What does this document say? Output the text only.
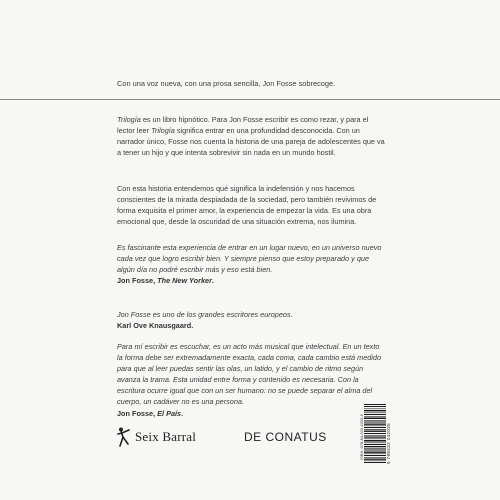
Con una voz nueva, con una prosa sencilla, Jon Fosse sobrecoge.

Trilogía es un libro hipnótico. Para Jon Fosse escribir es como rezar, y para el lector leer Trilogía significa entrar en una profundidad desconocida. Con un narrador único, Fosse nos cuenta la historia de una pareja de adolescentes que va a tener un hijo y que intenta sobrevivir sin nada en un mundo hostil.

Con esta historia entendemos qué significa la indefensión y nos hacemos conscientes de la mirada despiadada de la sociedad, pero también revivimos de forma exquisita el primer amor, la experiencia de empezar la vida. Es una obra emocional que, desde la oscuridad de una situación extrema, nos ilumina.

Es fascinante esta experiencia de entrar en un lugar nuevo, en un universo nuevo cada vez que logro escribir bien. Y siempre pienso que estoy preparado y que algún día no podré escribir más y eso está bien.

Jon Fosse, The New Yorker.

Jon Fosse es uno de los grandes escritores europeos.

Karl Ove Knausgaard.

Para mí escribir es escuchar, es un acto más musical que intelectual. En un texto la forma debe ser extremadamente exacta, cada coma, cada cambio está medido para que al leer puedas sentir las olas, un latido, y el cambio de ritmo según avanza la trama. Esta unidad entre forma y contenido es necesaria. Con la escritura ocurre igual que con un ser humano: no se puede separar el alma del cuerpo, un cadáver no es una persona.

Jon Fosse, El País.

Seix Barral	DE CONATUS	ISBN: 978-84-322-4203-5	9 788432 242035
